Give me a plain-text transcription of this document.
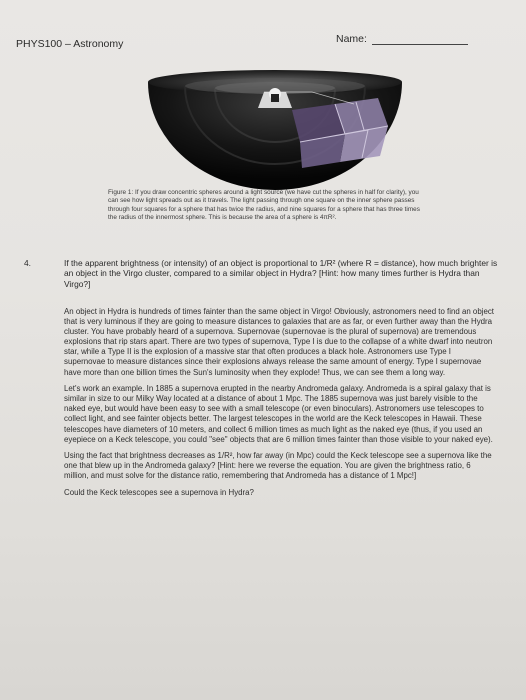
PHYS100 – Astronomy	Name:
Figure 1: If you draw concentric spheres around a light source (we have cut the spheres in half for clarity), you can see how light spreads out as it travels. The light passing through one square on the inner sphere passes through four squares for a sphere that has twice the radius, and nine squares for a sphere that has three times the radius of the innermost sphere. This is because the area of a sphere is 4πR².
4.	If the apparent brightness (or intensity) of an object is proportional to 1/R² (where R = distance), how much brighter is an object in the Virgo cluster, compared to a similar object in Hydra? [Hint: how many times further is Hydra than Virgo?]

An object in Hydra is hundreds of times fainter than the same object in Virgo! Obviously, astronomers need to find an object that is very luminous if they are going to measure distances to galaxies that are as far, or even further away than the Hydra cluster. You have probably heard of a supernova. Supernovae (supernovae is the plural of supernova) are tremendous explosions that rip stars apart. There are two types of supernova, Type I is due to the collapse of a white dwarf into neutron star, while a Type II is the explosion of a massive star that often produces a black hole. Astronomers use Type I supernovae to measure distances since their explosions always release the same amount of energy. Type I supernovae have more than one billion times the Sun's luminosity when they explode! Thus, we can see them a long way.

Let's work an example. In 1885 a supernova erupted in the nearby Andromeda galaxy. Andromeda is a spiral galaxy that is similar in size to our Milky Way located at a distance of about 1 Mpc. The 1885 supernova was just barely visible to the naked eye, but would have been easy to see with a small telescope (or even binoculars). Astronomers use telescopes to collect light, and see fainter objects better. The largest telescopes in the world are the Keck telescopes in Hawaii. These telescopes have diameters of 10 meters, and collect 6 million times as much light as the naked eye (thus, if you used an eyepiece on a Keck telescope, you could "see" objects that are 6 million times fainter than those visible to your naked eye).

Using the fact that brightness decreases as 1/R², how far away (in Mpc) could the Keck telescope see a supernova like the one that blew up in the Andromeda galaxy? [Hint: here we reverse the equation. You are given the brightness ratio, 6 million, and must solve for the distance ratio, remembering that Andromeda has a distance of 1 Mpc!]

Could the Keck telescopes see a supernova in Hydra?
